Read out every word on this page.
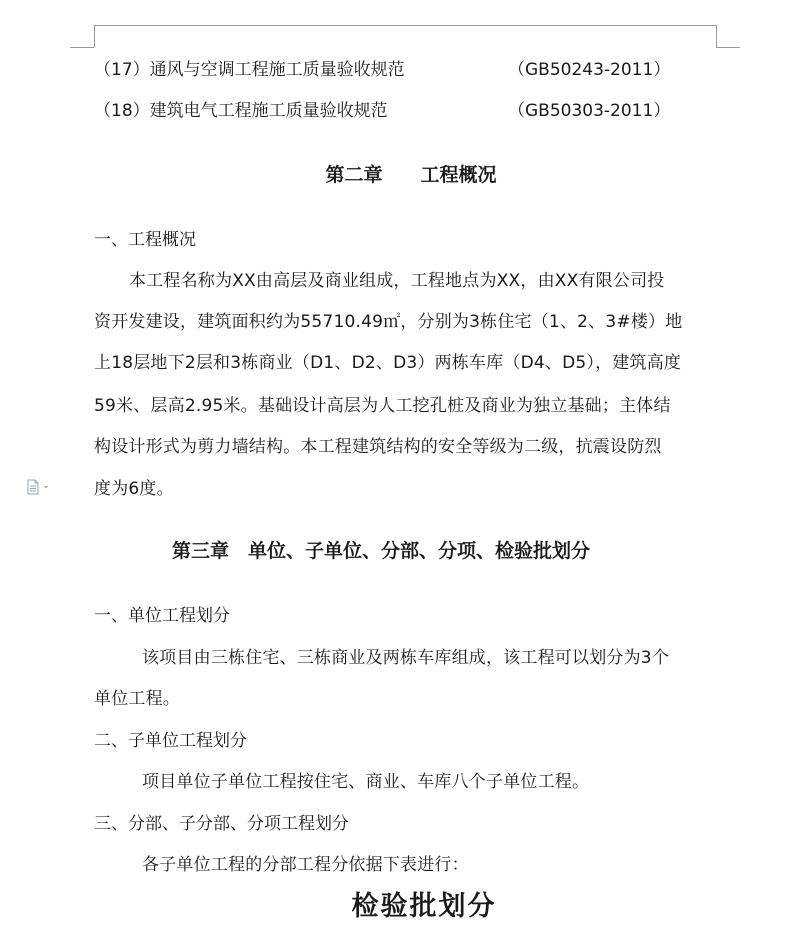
（17）通风与空调工程施工质量验收规范	（GB50243-2011）
（18）建筑电气工程施工质量验收规范	（GB50303-2011）
第二章　　工程概况
一、工程概况
本工程名称为XX由高层及商业组成，工程地点为XX，由XX有限公司投
资开发建设，建筑面积约为55710.49㎡，分别为3栋住宅（1、2、3#楼）地
上18层地下2层和3栋商业（D1、D2、D3）两栋车库（D4、D5），建筑高度
59米、层高2.95米。基础设计高层为人工挖孔桩及商业为独立基础；主体结
构设计形式为剪力墙结构。本工程建筑结构的安全等级为二级，抗震设防烈
度为6度。
第三章　单位、子单位、分部、分项、检验批划分
一、单位工程划分
该项目由三栋住宅、三栋商业及两栋车库组成，该工程可以划分为3个
单位工程。
二、子单位工程划分
项目单位子单位工程按住宅、商业、车库八个子单位工程。
三、分部、子分部、分项工程划分
各子单位工程的分部工程分依据下表进行：
检验批划分
